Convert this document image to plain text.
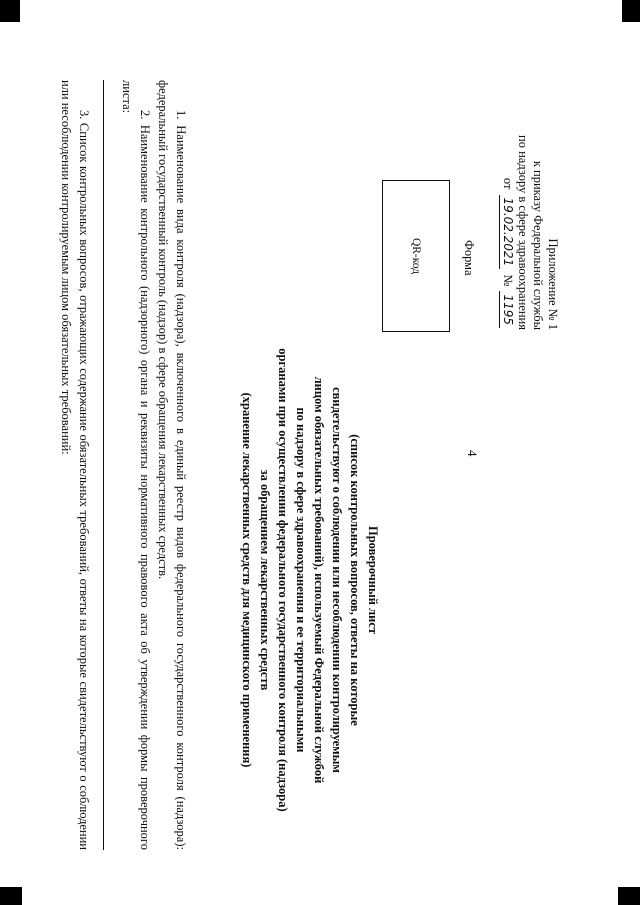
4
Приложение № 1
к приказу Федеральной службы
по надзору в сфере здравоохранения
от 19.02.2021 № 1195
Форма
QR-код
Проверочный лист
(список контрольных вопросов, ответы на которые
свидетельствуют о соблюдении или несоблюдении контролируемым
лицом обязательных требований), используемый Федеральной службой
по надзору в сфере здравоохранения и ее территориальными
органами при осуществлении федерального государственного контроля (надзора)
за обращением лекарственных средств
(хранение лекарственных средств для медицинского применения)

1. Наименование вида контроля (надзора), включенного в единый реестр видов федерального государственного контроля (надзора): федеральный государственный контроль (надзор) в сфере обращения лекарственных средств.

2. Наименование контрольного (надзорного) органа и реквизиты нормативного правового акта об утверждении формы проверочного листа:

3. Список контрольных вопросов, отражающих содержание обязательных требований, ответы на которые свидетельствуют о соблюдении или несоблюдении контролируемым лицом обязательных требований:
